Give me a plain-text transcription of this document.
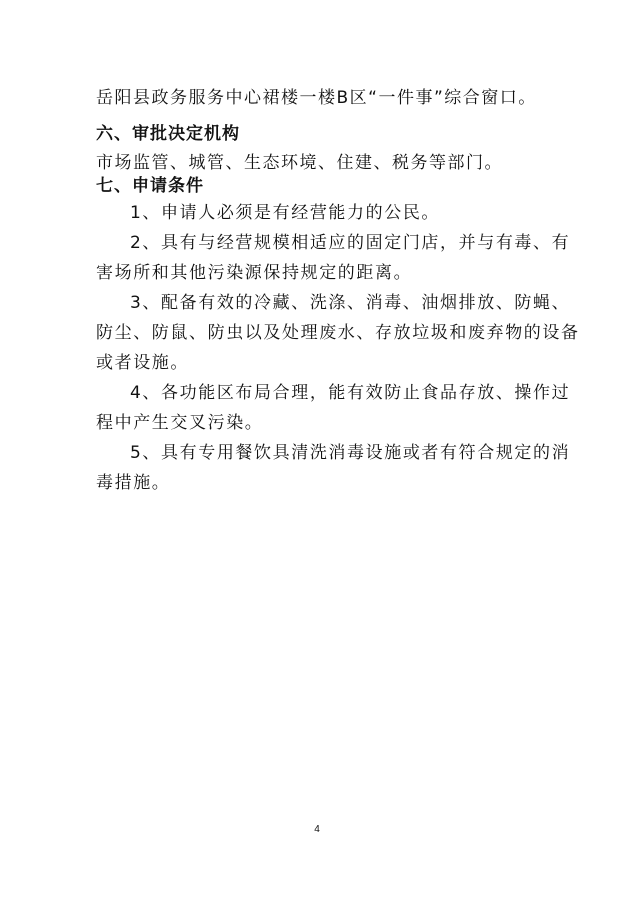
岳阳县政务服务中心裙楼一楼B区“一件事”综合窗口。
六、审批决定机构
市场监管、城管、生态环境、住建、税务等部门。
七、申请条件
1、申请人必须是有经营能力的公民。
2、具有与经营规模相适应的固定门店，并与有毒、有
害场所和其他污染源保持规定的距离。
3、配备有效的冷藏、洗涤、消毒、油烟排放、防蝇、
防尘、防鼠、防虫以及处理废水、存放垃圾和废弃物的设备
或者设施。
4、各功能区布局合理，能有效防止食品存放、操作过
程中产生交叉污染。
5、具有专用餐饮具清洗消毒设施或者有符合规定的消
毒措施。
4
